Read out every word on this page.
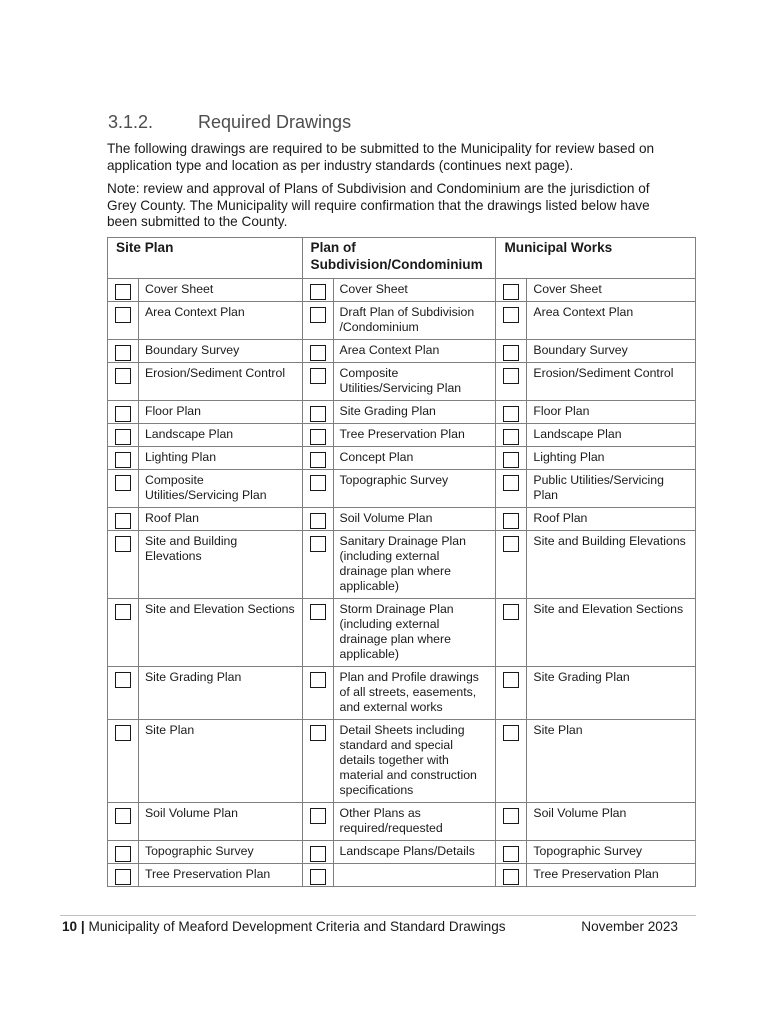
3.1.2. Required Drawings

The following drawings are required to be submitted to the Municipality for review based on application type and location as per industry standards (continues next page).

Note: review and approval of Plans of Subdivision and Condominium are the jurisdiction of Grey County. The Municipality will require confirmation that the drawings listed below have been submitted to the County.

Site Plan		Plan of Subdivision/Condominium		Municipal Works	

	Cover Sheet		Cover Sheet		Cover Sheet

	Area Context Plan		Draft Plan of Subdivision /Condominium		Area Context Plan

	Boundary Survey		Area Context Plan		Boundary Survey

	Erosion/Sediment Control		Composite Utilities/Servicing Plan		Erosion/Sediment Control

	Floor Plan		Site Grading Plan		Floor Plan

	Landscape Plan		Tree Preservation Plan		Landscape Plan

	Lighting Plan		Concept Plan		Lighting Plan

	Composite Utilities/Servicing Plan		Topographic Survey		Public Utilities/Servicing Plan

	Roof Plan		Soil Volume Plan		Roof Plan

	Site and Building Elevations		Sanitary Drainage Plan (including external drainage plan where applicable)		Site and Building Elevations

	Site and Elevation Sections		Storm Drainage Plan (including external drainage plan where applicable)		Site and Elevation Sections

	Site Grading Plan		Plan and Profile drawings of all streets, easements, and external works		Site Grading Plan

	Site Plan		Detail Sheets including standard and special details together with material and construction specifications		Site Plan

	Soil Volume Plan		Other Plans as required/requested		Soil Volume Plan

	Topographic Survey		Landscape Plans/Details		Topographic Survey

	Tree Preservation Plan				Tree Preservation Plan
10 | Municipality of Meaford Development Criteria and Standard Drawings	November 2023
